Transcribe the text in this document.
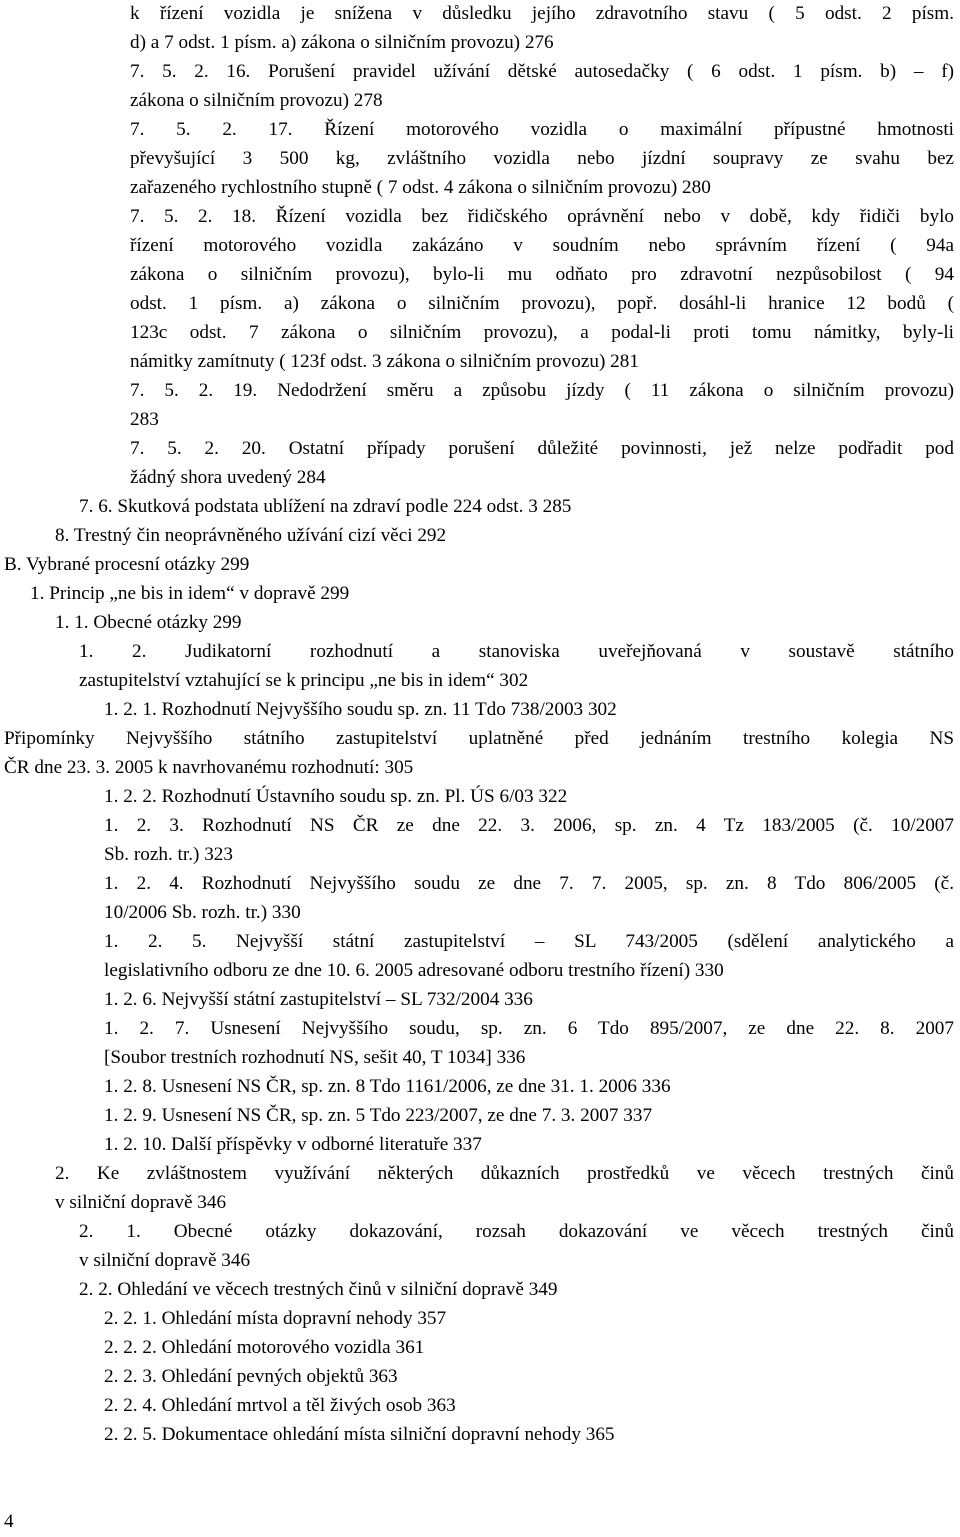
k řízení vozidla je snížena v důsledku jejího zdravotního stavu ( 5 odst. 2 písm.
d) a 7 odst. 1 písm. a) zákona o silničním provozu) 276
7. 5. 2. 16. Porušení pravidel užívání dětské autosedačky ( 6 odst. 1 písm. b) – f)
zákona o silničním provozu) 278
7. 5. 2. 17. Řízení motorového vozidla o maximální přípustné hmotnosti
převyšující 3 500 kg, zvláštního vozidla nebo jízdní soupravy ze svahu bez
zařazeného rychlostního stupně ( 7 odst. 4 zákona o silničním provozu) 280
7. 5. 2. 18. Řízení vozidla bez řidičského oprávnění nebo v době, kdy řidiči bylo
řízení motorového vozidla zakázáno v soudním nebo správním řízení ( 94a
zákona o silničním provozu), bylo-li mu odňato pro zdravotní nezpůsobilost ( 94
odst. 1 písm. a) zákona o silničním provozu), popř. dosáhl-li hranice 12 bodů (
123c odst. 7 zákona o silničním provozu), a podal-li proti tomu námitky, byly-li
námitky zamítnuty ( 123f odst. 3 zákona o silničním provozu) 281
7. 5. 2. 19. Nedodržení směru a způsobu jízdy ( 11 zákona o silničním provozu)
283
7. 5. 2. 20. Ostatní případy porušení důležité povinnosti, jež nelze podřadit pod
žádný shora uvedený 284
7. 6. Skutková podstata ublížení na zdraví podle 224 odst. 3 285
8. Trestný čin neoprávněného užívání cizí věci 292
B. Vybrané procesní otázky 299
1. Princip „ne bis in idem“ v dopravě 299
1. 1. Obecné otázky 299
1. 2. Judikatorní rozhodnutí a stanoviska uveřejňovaná v soustavě státního
zastupitelství vztahující se k principu „ne bis in idem“ 302
1. 2. 1. Rozhodnutí Nejvyššího soudu sp. zn. 11 Tdo 738/2003 302
Připomínky Nejvyššího státního zastupitelství uplatněné před jednáním trestního kolegia NS
ČR dne 23. 3. 2005 k navrhovanému rozhodnutí: 305
1. 2. 2. Rozhodnutí Ústavního soudu sp. zn. Pl. ÚS 6/03 322
1. 2. 3. Rozhodnutí NS ČR ze dne 22. 3. 2006, sp. zn. 4 Tz 183/2005 (č. 10/2007
Sb. rozh. tr.) 323
1. 2. 4. Rozhodnutí Nejvyššího soudu ze dne 7. 7. 2005, sp. zn. 8 Tdo 806/2005 (č.
10/2006 Sb. rozh. tr.) 330
1. 2. 5. Nejvyšší státní zastupitelství – SL 743/2005 (sdělení analytického a
legislativního odboru ze dne 10. 6. 2005 adresované odboru trestního řízení) 330
1. 2. 6. Nejvyšší státní zastupitelství – SL 732/2004 336
1. 2. 7. Usnesení Nejvyššího soudu, sp. zn. 6 Tdo 895/2007, ze dne 22. 8. 2007
[Soubor trestních rozhodnutí NS, sešit 40, T 1034] 336
1. 2. 8. Usnesení NS ČR, sp. zn. 8 Tdo 1161/2006, ze dne 31. 1. 2006 336
1. 2. 9. Usnesení NS ČR, sp. zn. 5 Tdo 223/2007, ze dne 7. 3. 2007 337
1. 2. 10. Další příspěvky v odborné literatuře 337
2. Ke zvláštnostem využívání některých důkazních prostředků ve věcech trestných činů
v silniční dopravě 346
2. 1. Obecné otázky dokazování, rozsah dokazování ve věcech trestných činů
v silniční dopravě 346
2. 2. Ohledání ve věcech trestných činů v silniční dopravě 349
2. 2. 1. Ohledání místa dopravní nehody 357
2. 2. 2. Ohledání motorového vozidla 361
2. 2. 3. Ohledání pevných objektů 363
2. 2. 4. Ohledání mrtvol a těl živých osob 363
2. 2. 5. Dokumentace ohledání místa silniční dopravní nehody 365
4
